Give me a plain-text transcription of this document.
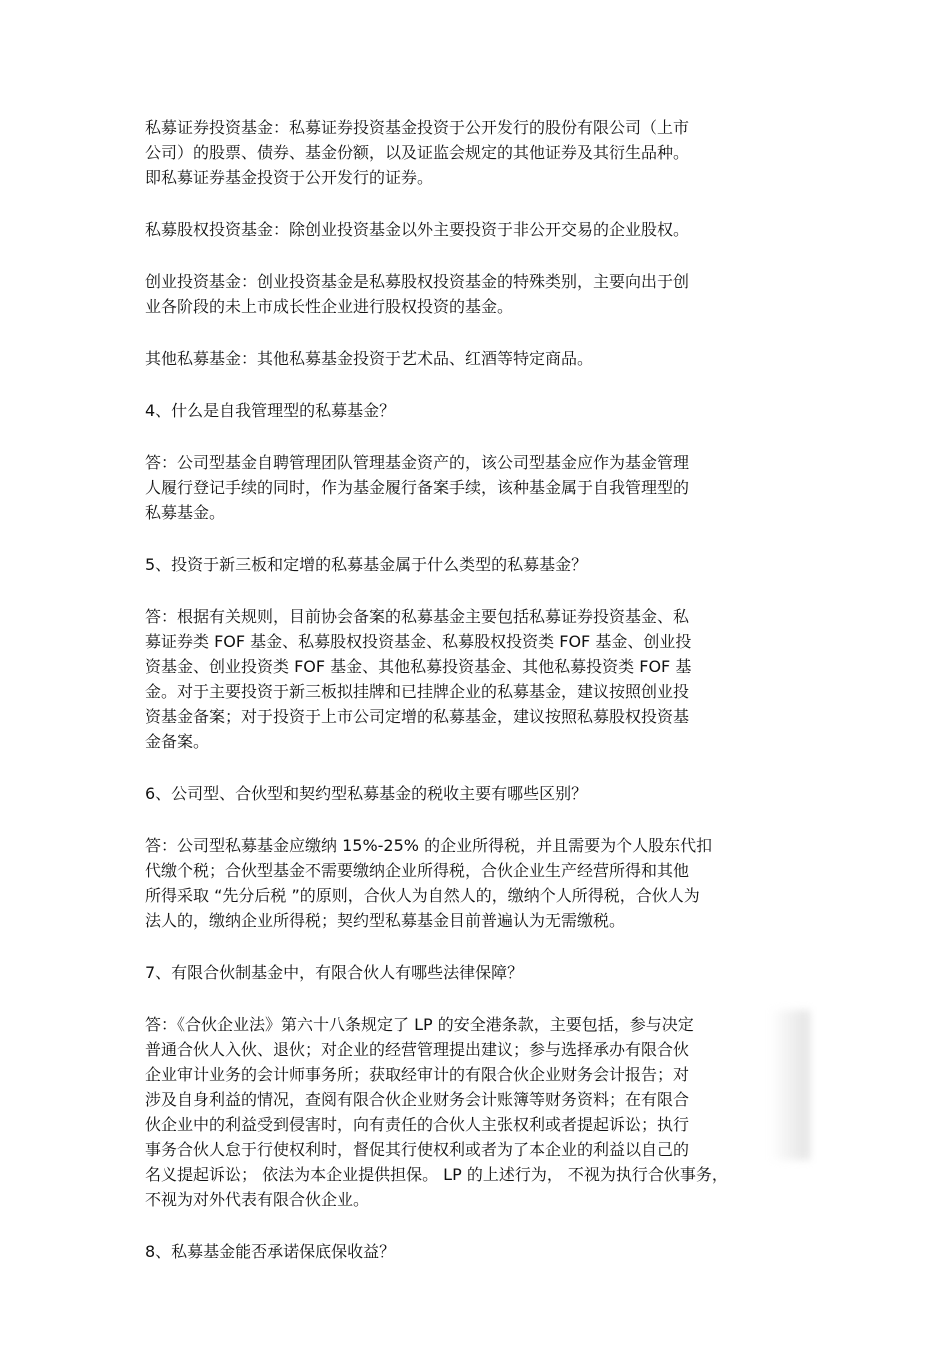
私募证券投资基金：私募证券投资基金投资于公开发行的股份有限公司（上市
公司）的股票、债券、基金份额，以及证监会规定的其他证券及其衍生品种。
即私募证券基金投资于公开发行的证券。
私募股权投资基金：除创业投资基金以外主要投资于非公开交易的企业股权。
创业投资基金：创业投资基金是私募股权投资基金的特殊类别，主要向出于创
业各阶段的未上市成长性企业进行股权投资的基金。
其他私募基金：其他私募基金投资于艺术品、红酒等特定商品。
4、什么是自我管理型的私募基金？
答：公司型基金自聘管理团队管理基金资产的，该公司型基金应作为基金管理
人履行登记手续的同时，作为基金履行备案手续，该种基金属于自我管理型的
私募基金。
5、投资于新三板和定增的私募基金属于什么类型的私募基金？
答：根据有关规则，目前协会备案的私募基金主要包括私募证券投资基金、私
募证券类 FOF 基金、私募股权投资基金、私募股权投资类 FOF 基金、创业投
资基金、创业投资类 FOF 基金、其他私募投资基金、其他私募投资类 FOF 基
金。对于主要投资于新三板拟挂牌和已挂牌企业的私募基金，建议按照创业投
资基金备案；对于投资于上市公司定增的私募基金，建议按照私募股权投资基
金备案。
6、公司型、合伙型和契约型私募基金的税收主要有哪些区别？
答：公司型私募基金应缴纳 15%-25% 的企业所得税，并且需要为个人股东代扣
代缴个税；合伙型基金不需要缴纳企业所得税，合伙企业生产经营所得和其他
所得采取 “先分后税 ”的原则，合伙人为自然人的，缴纳个人所得税，合伙人为
法人的，缴纳企业所得税；契约型私募基金目前普遍认为无需缴税。
7、有限合伙制基金中，有限合伙人有哪些法律保障？
答：《合伙企业法》第六十八条规定了 LP 的安全港条款，主要包括，参与决定
普通合伙人入伙、退伙；对企业的经营管理提出建议；参与选择承办有限合伙
企业审计业务的会计师事务所；获取经审计的有限合伙企业财务会计报告；对
涉及自身利益的情况，查阅有限合伙企业财务会计账簿等财务资料；在有限合
伙企业中的利益受到侵害时，向有责任的合伙人主张权利或者提起诉讼；执行
事务合伙人怠于行使权利时，督促其行使权利或者为了本企业的利益以自己的
名义提起诉讼； 依法为本企业提供担保。 LP 的上述行为， 不视为执行合伙事务，
不视为对外代表有限合伙企业。
8、私募基金能否承诺保底保收益？
